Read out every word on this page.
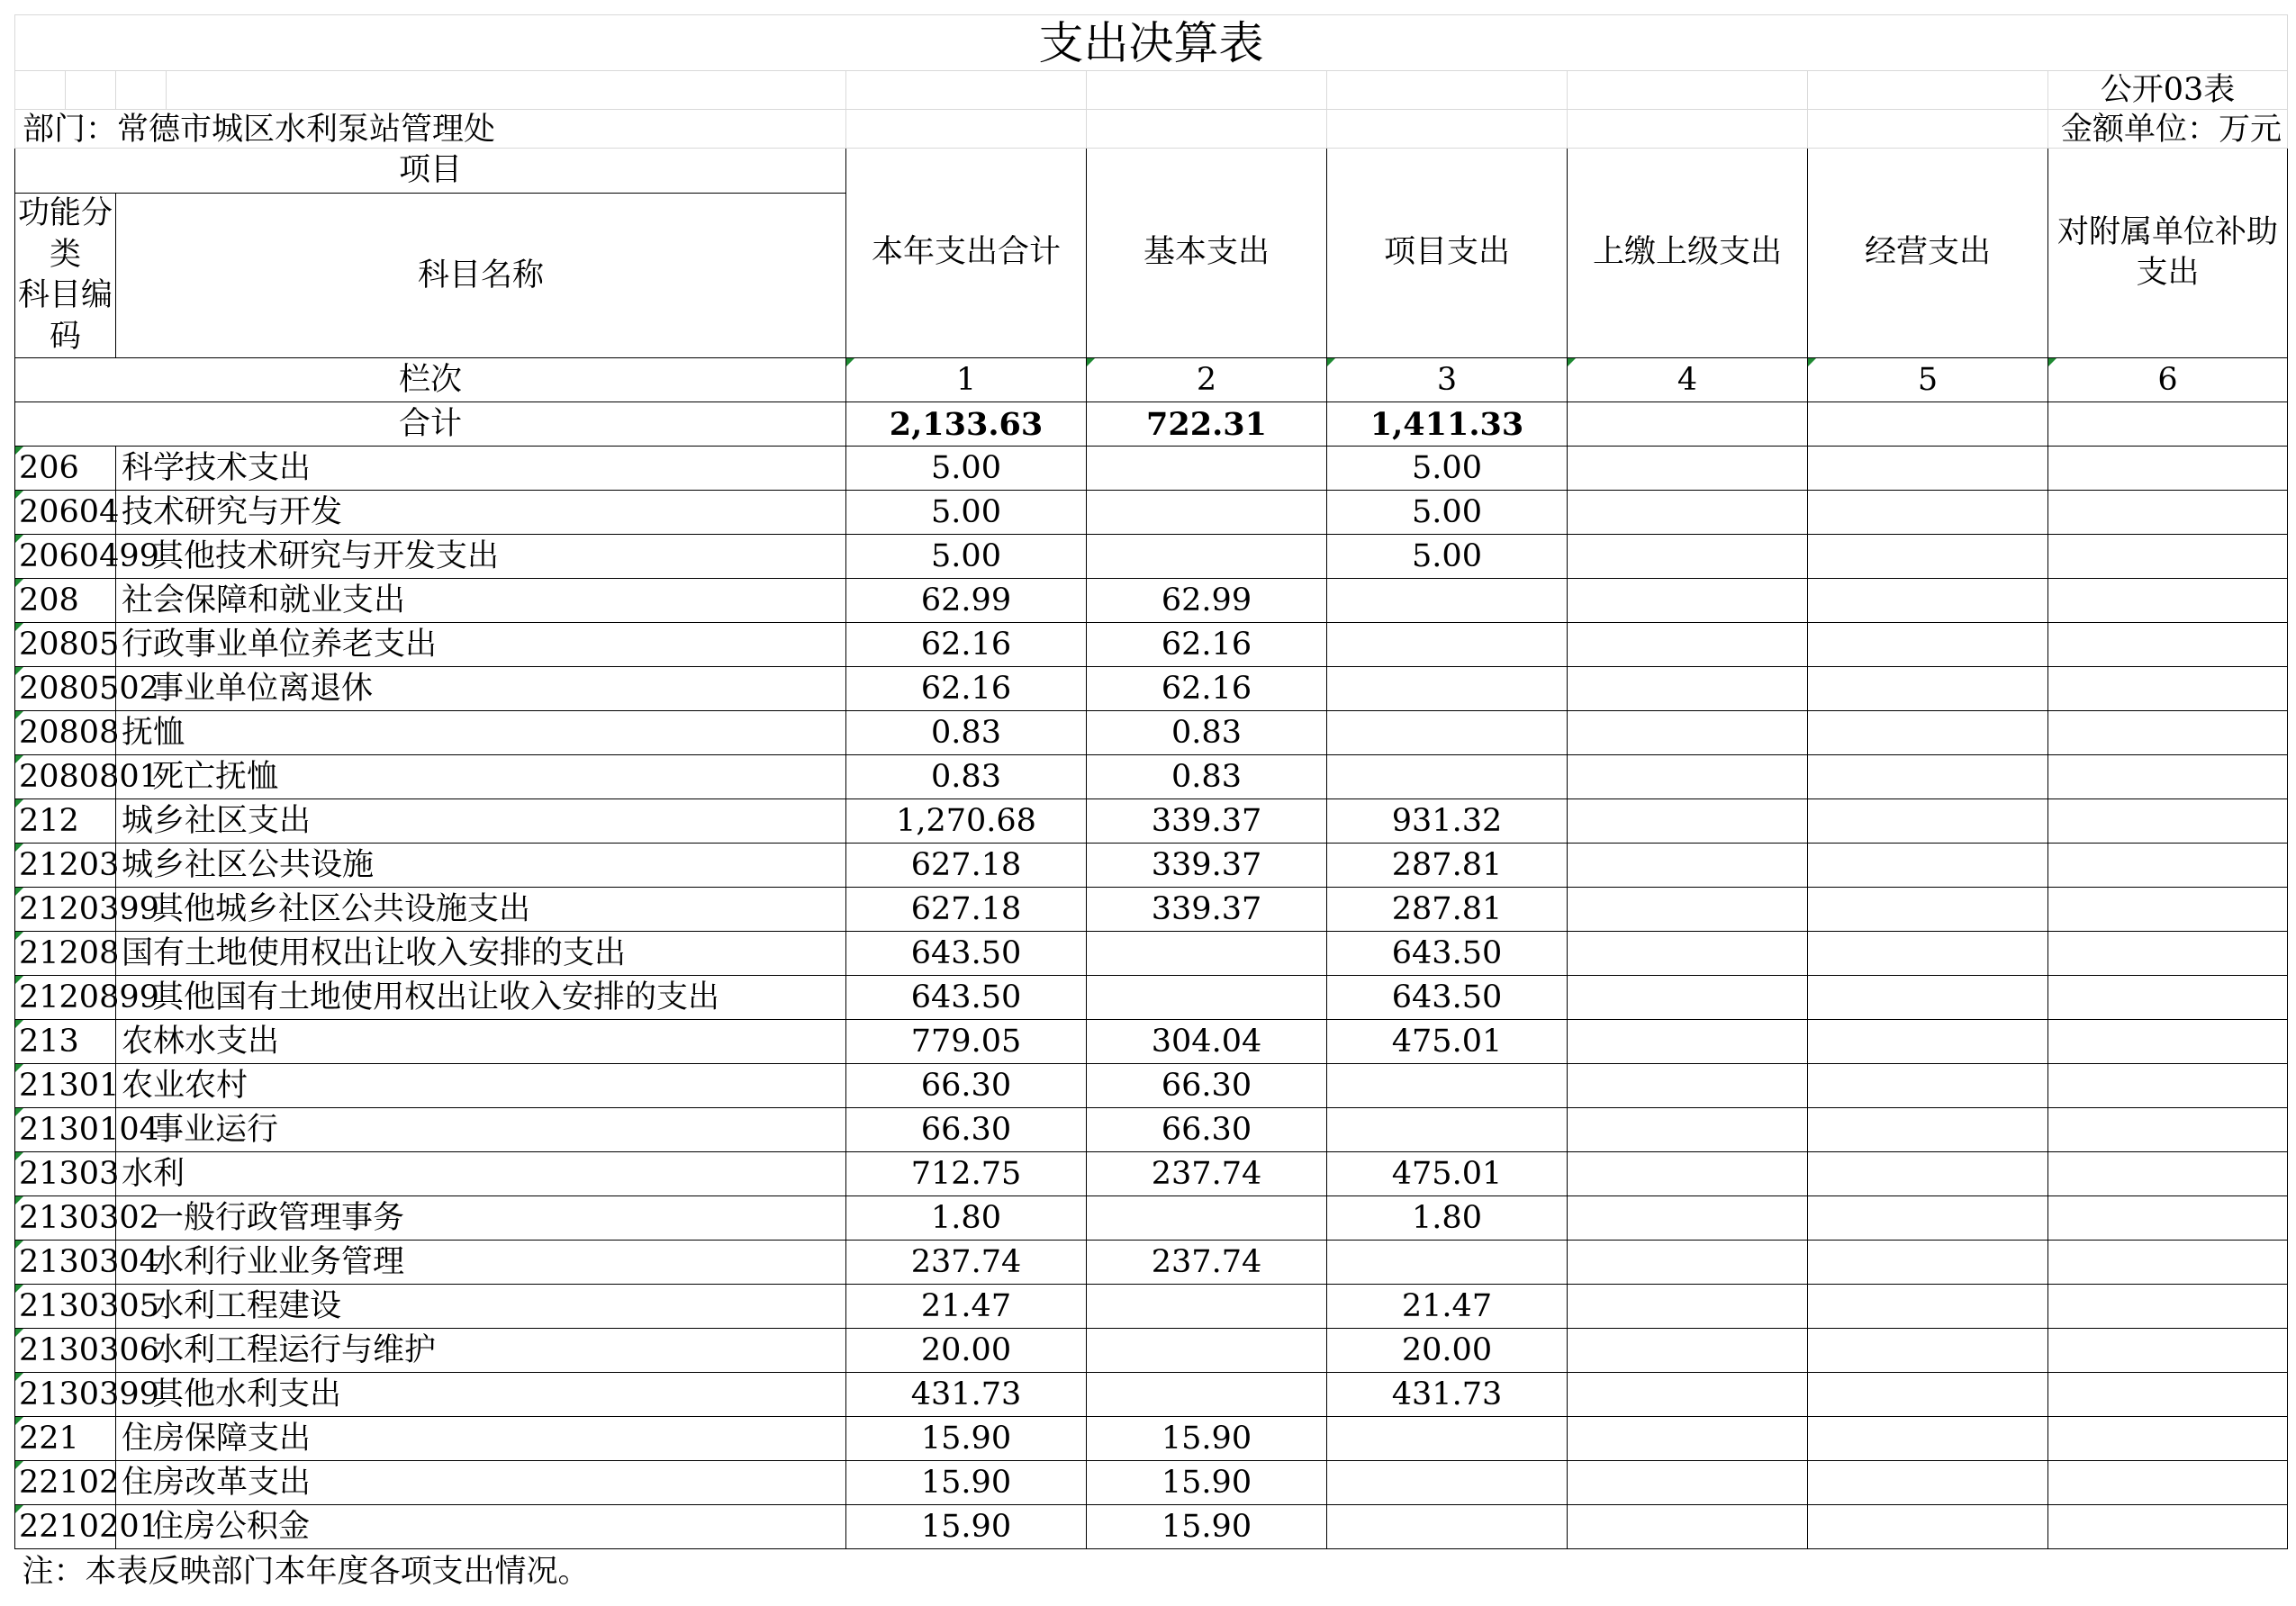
支出决算表									
									公开03表
部门：常德市城区水利泵站管理处									金额单位：万元
项目				本年支出合计	基本支出	项目支出	上缴上级支出	经营支出	对附属单位补助
支出
功能分类
科目编码		科目名称							
栏次				1	2	3	4	5	6
合计				2,133.63	722.31	1,411.33			
206		科学技术支出		5.00		5.00			
20604		技术研究与开发		5.00		5.00			
2060499		其他技术研究与开发支出		5.00		5.00			
208		社会保障和就业支出		62.99	62.99				
20805		行政事业单位养老支出		62.16	62.16				
2080502		事业单位离退休		62.16	62.16				
20808		抚恤		0.83	0.83				
2080801		死亡抚恤		0.83	0.83				
212		城乡社区支出		1,270.68	339.37	931.32			
21203		城乡社区公共设施		627.18	339.37	287.81			
2120399		其他城乡社区公共设施支出		627.18	339.37	287.81			
21208		国有土地使用权出让收入安排的支出		643.50		643.50			
2120899		其他国有土地使用权出让收入安排的支出		643.50		643.50			
213		农林水支出		779.05	304.04	475.01			
21301		农业农村		66.30	66.30				
2130104		事业运行		66.30	66.30				
21303		水利		712.75	237.74	475.01			
2130302		一般行政管理事务		1.80		1.80			
2130304		水利行业业务管理		237.74	237.74				
2130305		水利工程建设		21.47		21.47			
2130306		水利工程运行与维护		20.00		20.00			
2130399		其他水利支出		431.73		431.73			
221		住房保障支出		15.90	15.90				
22102		住房改革支出		15.90	15.90				
2210201		住房公积金		15.90	15.90				
注：本表反映部门本年度各项支出情况。									
